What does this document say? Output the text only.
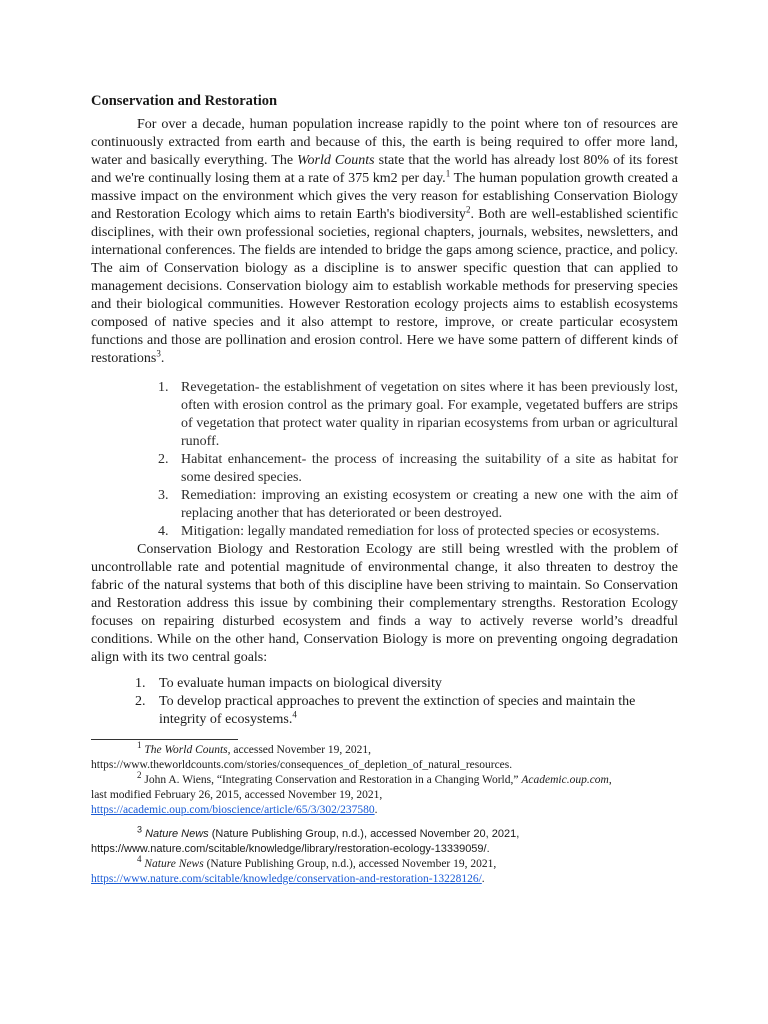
Conservation and Restoration

For over a decade, human population increase rapidly to the point where ton of resources are continuously extracted from earth and because of this, the earth is being required to offer more land, water and basically everything. The World Counts state that the world has already lost 80% of its forest and we're continually losing them at a rate of 375 km2 per day.$^1$ The human population growth created a massive impact on the environment which gives the very reason for establishing Conservation Biology and Restoration Ecology which aims to retain Earth's biodiversity$^2$. Both are well-established scientific disciplines, with their own professional societies, regional chapters, journals, websites, newsletters, and international conferences. The fields are intended to bridge the gaps among science, practice, and policy. The aim of Conservation biology as a discipline is to answer specific question that can applied to management decisions. Conservation biology aim to establish workable methods for preserving species and their biological communities. However Restoration ecology projects aims to establish ecosystems composed of native species and it also attempt to restore, improve, or create particular ecosystem functions and those are pollination and erosion control. Here we have some pattern of different kinds of restorations$^3$.

1. Revegetation- the establishment of vegetation on sites where it has been previously lost, often with erosion control as the primary goal. For example, vegetated buffers are strips of vegetation that protect water quality in riparian ecosystems from urban or agricultural runoff.
2. Habitat enhancement- the process of increasing the suitability of a site as habitat for some desired species.
3. Remediation: improving an existing ecosystem or creating a new one with the aim of replacing another that has deteriorated or been destroyed.
4. Mitigation: legally mandated remediation for loss of protected species or ecosystems.

Conservation Biology and Restoration Ecology are still being wrestled with the problem of uncontrollable rate and potential magnitude of environmental change, it also threaten to destroy the fabric of the natural systems that both of this discipline have been striving to maintain. So Conservation and Restoration address this issue by combining their complementary strengths. Restoration Ecology focuses on repairing disturbed ecosystem and finds a way to actively reverse world’s dreadful conditions. While on the other hand, Conservation Biology is more on preventing ongoing degradation align with its two central goals:

1. To evaluate human impacts on biological diversity
2. To develop practical approaches to prevent the extinction of species and maintain the integrity of ecosystems.$^4$

$^1$ The World Counts, accessed November 19, 2021,
https://www.theworldcounts.com/stories/consequences_of_depletion_of_natural_resources.

$^2$ John A. Wiens, “Integrating Conservation and Restoration in a Changing World,” Academic.oup.com,
last modified February 26, 2015, accessed November 19, 2021,
https://academic.oup.com/bioscience/article/65/3/302/237580.

$^3$ Nature News (Nature Publishing Group, n.d.), accessed November 20, 2021,
https://www.nature.com/scitable/knowledge/library/restoration-ecology-13339059/.

$^4$ Nature News (Nature Publishing Group, n.d.), accessed November 19, 2021,
https://www.nature.com/scitable/knowledge/conservation-and-restoration-13228126/.
